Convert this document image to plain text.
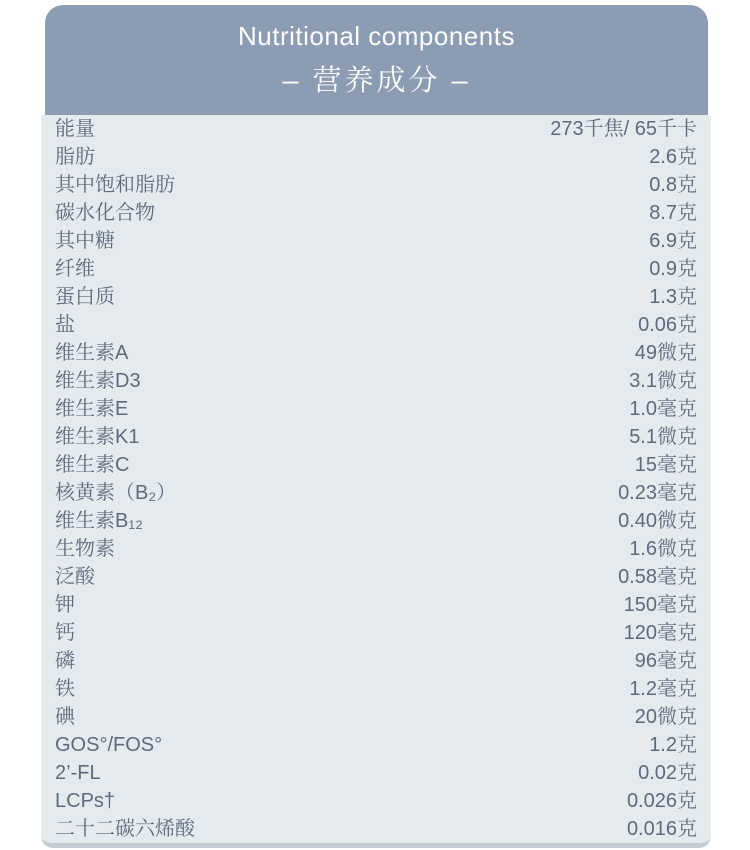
Nutritional components
– 营养成分 –
能量	273千焦/ 65千卡
脂肪	2.6克
其中饱和脂肪	0.8克
碳水化合物	8.7克
其中糖	6.9克
纤维	0.9克
蛋白质	1.3克
盐	0.06克
维生素A	49微克
维生素D3	3.1微克
维生素E	1.0毫克
维生素K1	5.1微克
维生素C	15毫克
核黄素（B₂）	0.23毫克
维生素B₁₂	0.40微克
生物素	1.6微克
泛酸	0.58毫克
钾	150毫克
钙	120毫克
磷	96毫克
铁	1.2毫克
碘	20微克
GOS°/FOS°	1.2克
2’-FL	0.02克
LCPs†	0.026克
二十二碳六烯酸	0.016克
